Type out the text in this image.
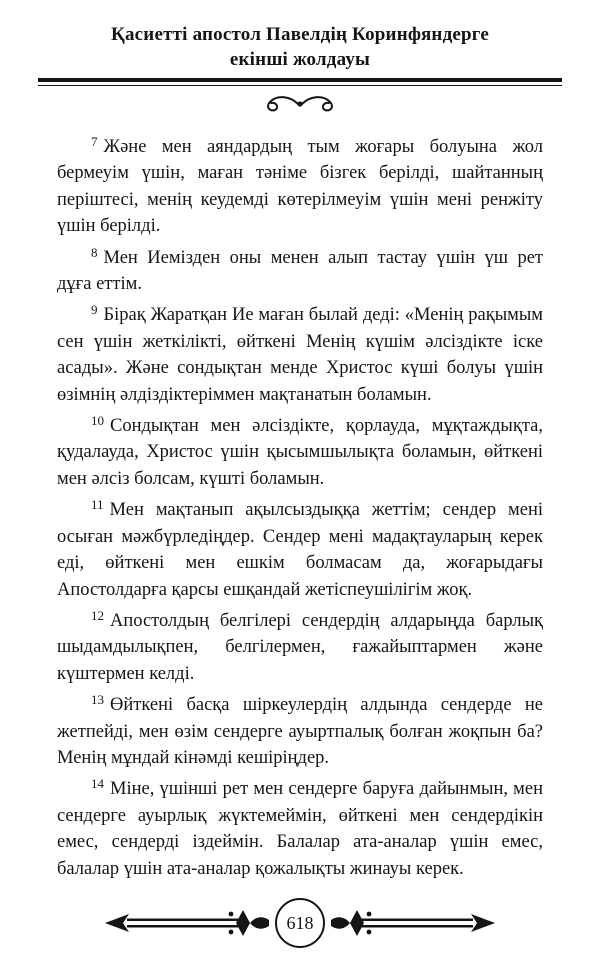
Қасиетті апостол Павелдің Коринфяндерге
екінші жолдауы

$^7$ Және мен аяндардың тым жоғары болуына жол бермеуім үшін, маған тәніме бізгек берілді, шайтанның періштесі, менің кеудемді көтерілмеуім үшін мені ренжіту үшін берілді.

$^8$ Мен Иемізден оны менен алып тастау үшін үш рет дұға еттім.

$^9$ Бірақ Жаратқан Ие маған былай деді: «Менің рақымым сен үшін жеткілікті, өйткені Менің күшім әлсіздікте іске асады». Және сондықтан менде Христос күші болуы үшін өзімнің әлдіздіктеріммен мақтанатын боламын.

$^{10}$ Сондықтан мен әлсіздікте, қорлауда, мұқтаждықта, қудалауда, Христос үшін қысымшылықта боламын, өйткені мен әлсіз болсам, күшті боламын.

$^{11}$ Мен мақтанып ақылсыздыққа жеттім; сендер мені осыған мәжбүрледіңдер. Сендер мені мадақтауларың керек еді, өйткені мен ешкім болмасам да, жоғарыдағы Апостолдарға қарсы ешқандай жетіспеушілігім жоқ.

$^{12}$ Апостолдың белгілері сендердің алдарыңда барлық шыдамдылықпен, белгілермен, ғажайыптармен және күштермен келді.

$^{13}$ Өйткені басқа шіркеулердің алдында сендерде не жетпейді, мен өзім сендерге ауыртпалық болған жоқпын ба? Менің мұндай кінәмді кешіріңдер.

$^{14}$ Міне, үшінші рет мен сендерге баруға дайынмын, мен сендерге ауырлық жүктемеймін, өйткені мен сендердікін емес, сендерді іздеймін. Балалар ата-аналар үшін емес, балалар үшін ата-аналар қожалықты жинауы керек.

618
